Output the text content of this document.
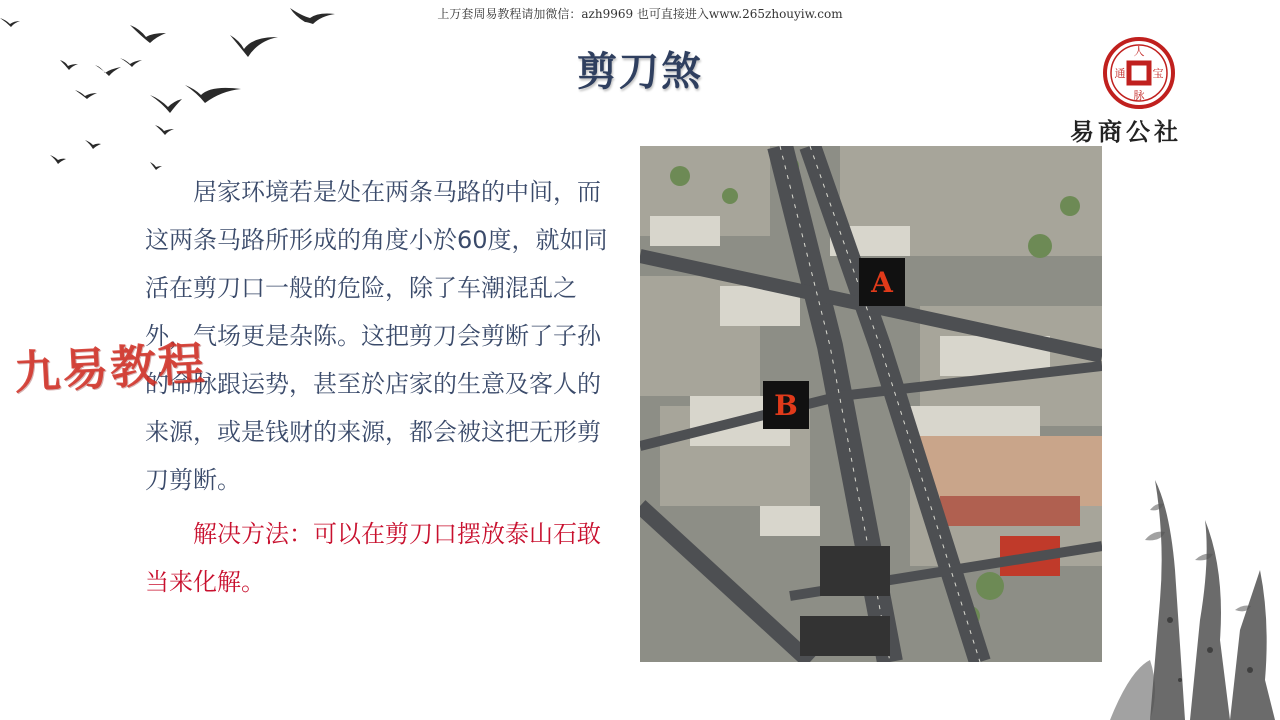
上万套周易教程请加微信：azh9969 也可直接进入www.265zhouyiw.com
剪刀煞	人
宝
脉
通
易商公社

居家环境若是处在两条马路的中间，而这两条马路所形成的角度小於60度，就如同活在剪刀口一般的危险，除了车潮混乱之外，气场更是杂陈。这把剪刀会剪断了子孙的命脉跟运势，甚至於店家的生意及客人的来源，或是钱财的来源，都会被这把无形剪刀剪断。

解决方法：可以在剪刀口摆放泰山石敢当来化解。

九易教程
A
B
